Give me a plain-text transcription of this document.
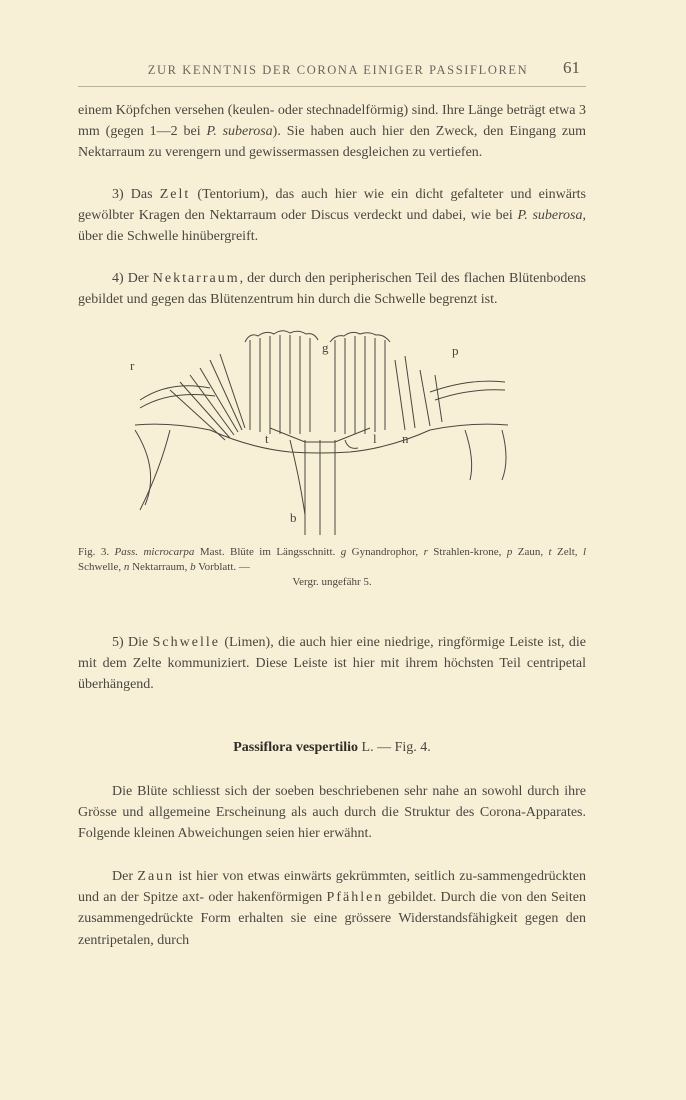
ZUR KENNTNIS DER CORONA EINIGER PASSIFLOREN	61
einem Köpfchen versehen (keulen- oder stechnadelförmig) sind. Ihre Länge beträgt etwa 3 mm (gegen 1—2 bei P. suberosa). Sie haben auch hier den Zweck, den Eingang zum Nektarraum zu verengern und gewissermassen desgleichen zu vertiefen.
3) Das Zelt (Tentorium), das auch hier wie ein dicht gefalteter und einwärts gewölbter Kragen den Nektarraum oder Discus verdeckt und dabei, wie bei P. suberosa, über die Schwelle hinübergreift.
4) Der Nektarraum, der durch den peripherischen Teil des flachen Blütenbodens gebildet und gegen das Blütenzentrum hin durch die Schwelle begrenzt ist.
r
g	p
t	l n
b
Fig. 3. Pass. microcarpa Mast. Blüte im Längsschnitt. g Gynandrophor, r Strahlen-krone, p Zaun, t Zelt, l Schwelle, n Nektarraum, b Vorblatt. —
Vergr. ungefähr 5.
5) Die Schwelle (Limen), die auch hier eine niedrige, ringförmige Leiste ist, die mit dem Zelte kommuniziert. Diese Leiste ist hier mit ihrem höchsten Teil centripetal überhängend.
Passiflora vespertilio L. — Fig. 4.
Die Blüte schliesst sich der soeben beschriebenen sehr nahe an sowohl durch ihre Grösse und allgemeine Erscheinung als auch durch die Struktur des Corona-Apparates. Folgende kleinen Abweichungen seien hier erwähnt.
Der Zaun ist hier von etwas einwärts gekrümmten, seitlich zu-sammengedrückten und an der Spitze axt- oder hakenförmigen Pfählen gebildet. Durch die von den Seiten zusammengedrückte Form erhalten sie eine grössere Widerstandsfähigkeit gegen den zentripetalen, durch
